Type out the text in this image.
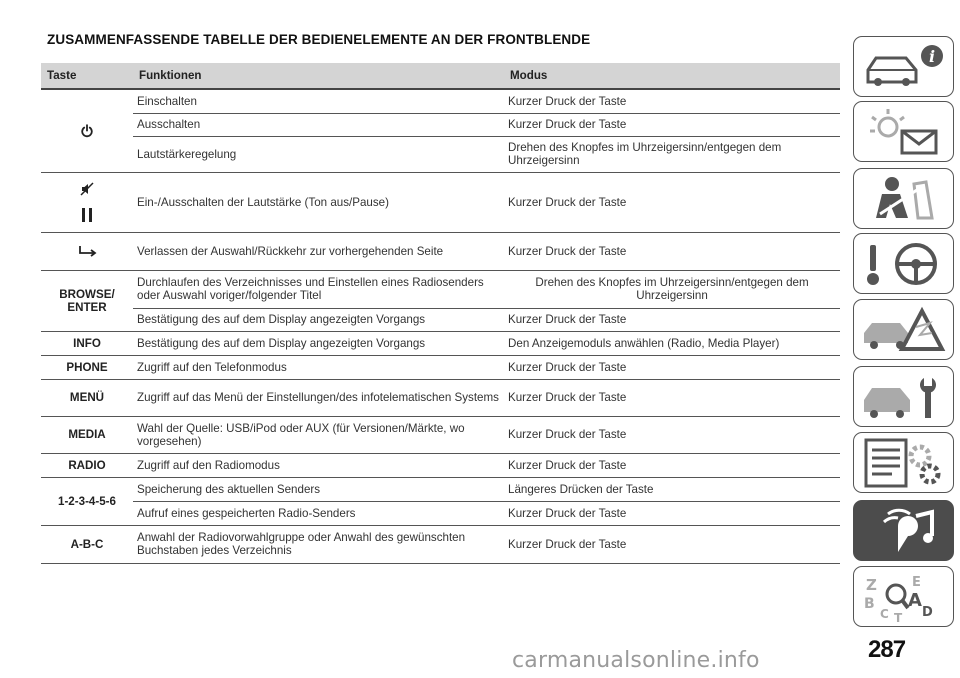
ZUSAMMENFASSENDE TABELLE DER BEDIENELEMENTE AN DER FRONTBLENDE
Taste	Funktionen	Modus

	Einschalten	Kurzer Druck der Taste
	Ausschalten	Kurzer Druck der Taste
	Lautstärkeregelung	Drehen des Knopfes im Uhrzeigersinn/entgegen dem Uhrzeigersinn

	Ein-/Ausschalten der Lautstärke (Ton aus/Pause)	Kurzer Druck der Taste

	Verlassen der Auswahl/Rückkehr zur vorhergehenden Seite	Kurzer Druck der Taste
BROWSE/ ENTER	Durchlaufen des Verzeichnisses und Einstellen eines Radiosenders oder Auswahl voriger/folgender Titel	Drehen des Knopfes im Uhrzeigersinn/entgegen dem Uhrzeigersinn
	Bestätigung des auf dem Display angezeigten Vorgangs	Kurzer Druck der Taste
INFO	Bestätigung des auf dem Display angezeigten Vorgangs	Den Anzeigemoduls anwählen (Radio, Media Player)
PHONE	Zugriff auf den Telefonmodus	Kurzer Druck der Taste
MENÜ	Zugriff auf das Menü der Einstellungen/des infotelematischen Systems	Kurzer Druck der Taste
MEDIA	Wahl der Quelle: USB/iPod oder AUX (für Versionen/Märkte, wo vorgesehen)	Kurzer Druck der Taste
RADIO	Zugriff auf den Radiomodus	Kurzer Druck der Taste
1-2-3-4-5-6	Speicherung des aktuellen Senders	Längeres Drücken der Taste
	Aufruf eines gespeicherten Radio-Senders	Kurzer Druck der Taste
A-B-C	Anwahl der Radiovorwahlgruppe oder Anwahl des gewünschten Buchstaben jedes Verzeichnis	Kurzer Druck der Taste
i
Z	E
B A
C	D
T
287
carmanualsonline.info
